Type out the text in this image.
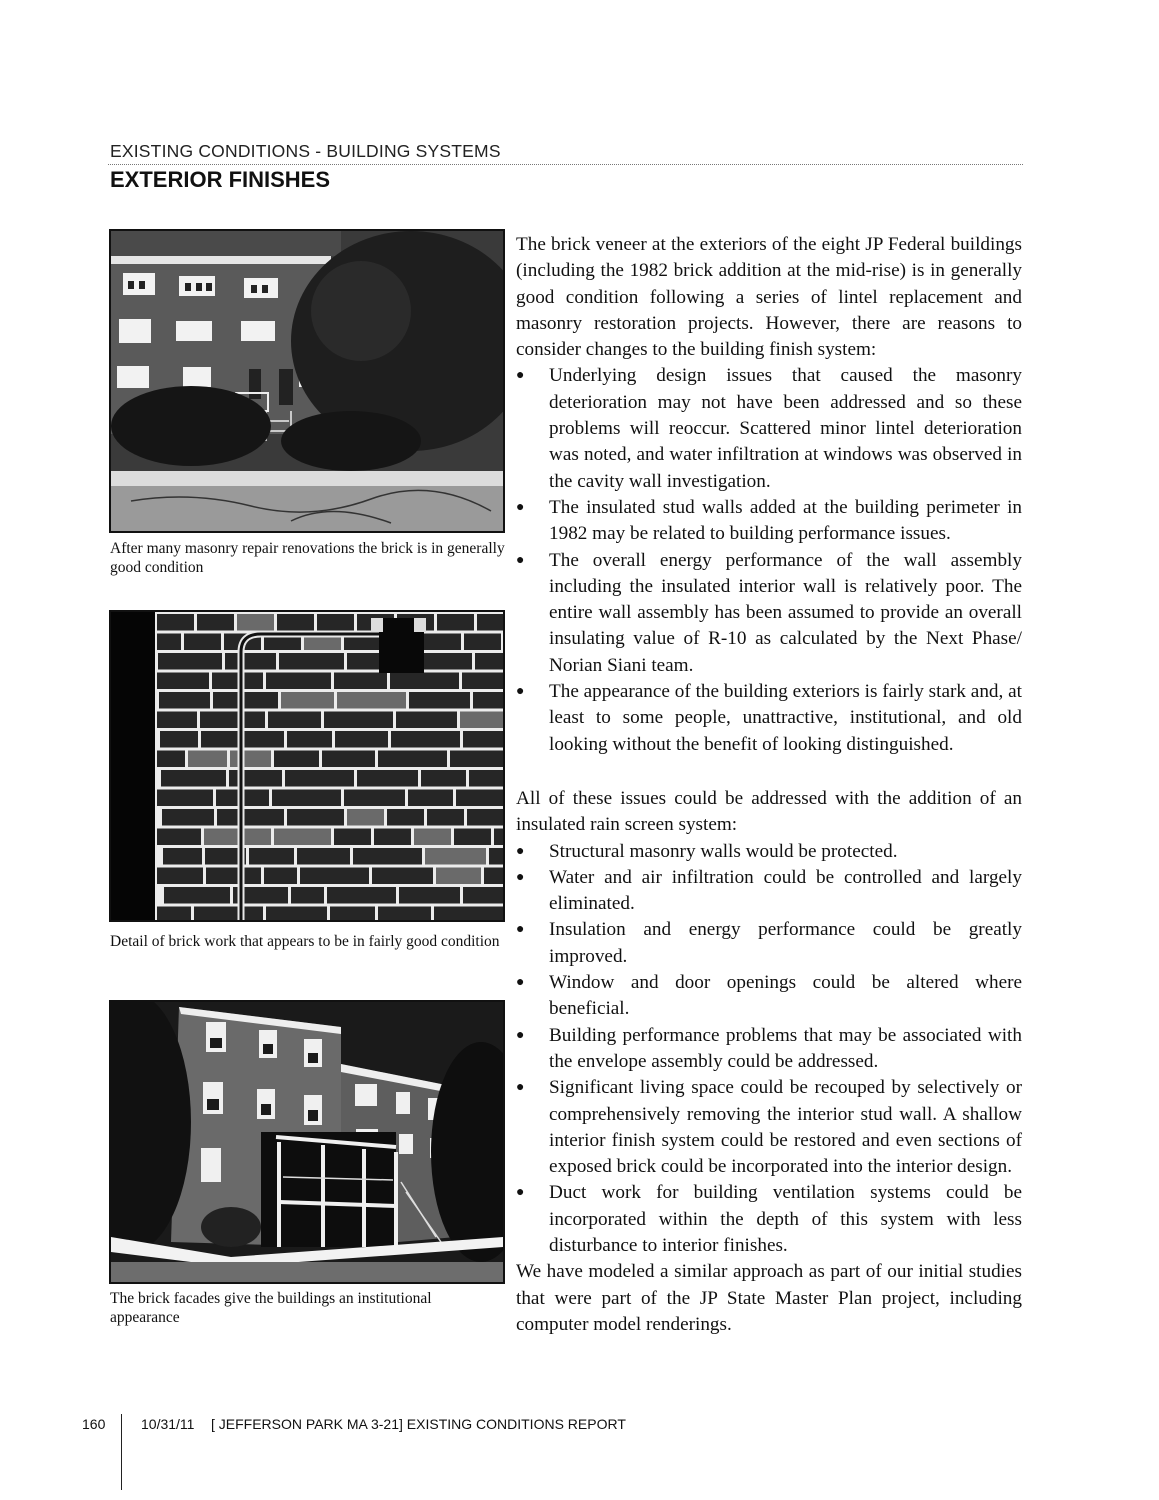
EXISTING CONDITIONS - BUILDING SYSTEMS
EXTERIOR FINISHES
After many masonry repair renovations the brick is in generally good condition
Detail of brick work that appears to be in fairly good condition
The brick facades give the buildings an institutional appearance

The brick veneer at the exteriors of the eight JP Federal buildings (including the 1982 brick addition at the mid-rise) is in generally good condition following a series of lintel replacement and masonry restoration projects. However, there are reasons to consider changes to the building finish system:

● Underlying design issues that caused the masonry deterioration may not have been addressed and so these problems will reoccur. Scattered minor lintel deterioration was noted, and water infiltration at windows was observed in the cavity wall investigation.
● The insulated stud walls added at the building perimeter in 1982 may be related to building performance issues.
● The overall energy performance of the wall assembly including the insulated interior wall is relatively poor. The entire wall assembly has been assumed to provide an overall insulating value of R-10 as calculated by the Next Phase/ Norian Siani team.
● The appearance of the building exteriors is fairly stark and, at least to some people, unattractive, institutional, and old looking without the benefit of looking distinguished.

All of these issues could be addressed with the addition of an insulated rain screen system:

● Structural masonry walls would be protected.
● Water and air infiltration could be controlled and largely eliminated.
● Insulation and energy performance could be greatly improved.
● Window and door openings could be altered where beneficial.
● Building performance problems that may be associated with the envelope assembly could be addressed.
● Significant living space could be recouped by selectively or comprehensively removing the interior stud wall. A shallow interior finish system could be restored and even sections of exposed brick could be incorporated into the interior design.
● Duct work for building ventilation systems could be incorporated within the depth of this system with less disturbance to interior finishes.

We have modeled a similar approach as part of our initial studies that were part of the JP State Master Plan project, including computer model renderings.

160	10/31/11 [ JEFFERSON PARK MA 3-21] EXISTING CONDITIONS REPORT
